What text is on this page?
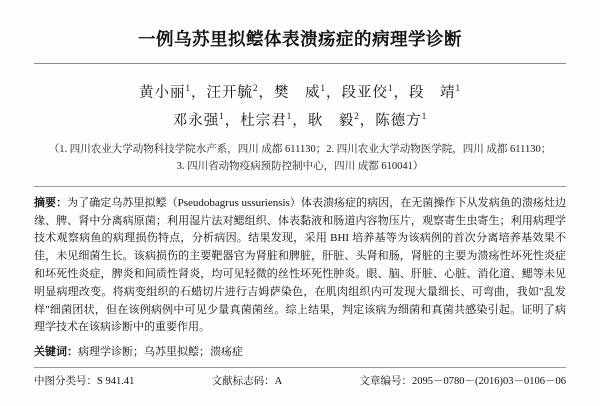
一例乌苏里拟鲿体表溃疡症的病理学诊断
黄小丽$^1$，汪开毓$^2$，樊　威$^1$，段亚佼$^1$，段　靖$^1$
邓永强$^1$，杜宗君$^1$，耿　毅$^2$，陈德方$^1$
（1. 四川农业大学动物科技学院水产系，四川 成都 611130；2. 四川农业大学动物医学院，四川 成都 611130；
3. 四川省动物疫病预防控制中心，四川 成都 610041）
摘要：为了确定乌苏里拟鲿（Pseudobagrus ussuriensis）体表溃疡症的病因，在无菌操作下从发病鱼的溃疡灶边缘、脾、肾中分离病原菌；利用湿片法对鳃组织、体表黏液和肠道内容物压片，观察寄生虫寄生；利用病理学技术观察病鱼的病理损伤特点，分析病因。结果发现，采用 BHI 培养基等为该病例的首次分离培养基效果不佳，未见细菌生长。该病损伤的主要靶器官为肾脏和脾脏，肝脏、头肾和肠，肾脏的主要为溃疡性坏死性炎症和坏死性炎症，脾炎和间质性肾炎，均可见轻微的丝性坏死性肿炎。眼、脑、肝脏、心脏、消化道、鳃等未见明显病理改变。将病变组织的石蜡切片进行吉姆萨染色，在肌肉组织内可发现大量细长、可弯曲，我如"乱发样"细菌团状，但在该例病例中可见少量真菌菌丝。综上结果，判定该病为细菌和真菌共感染引起。证明了病理学技术在该病诊断中的重要作用。
关键词：病理学诊断；乌苏里拟鲿；溃疡症
中图分类号：S 941.41	文献标志码：A	文章编号：2095－0780－(2016)03－0106－06
